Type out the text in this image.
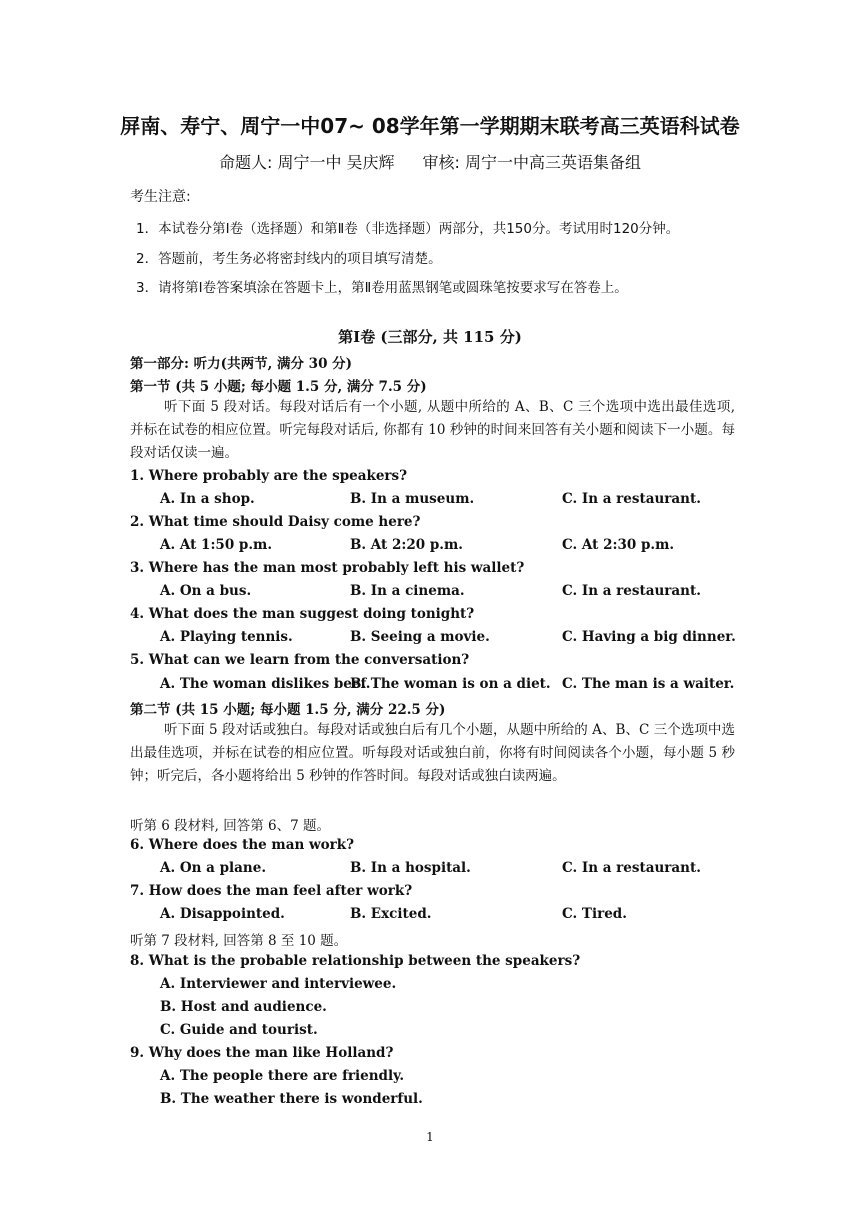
屏南、寿宁、周宁一中07~ 08学年第一学期期末联考高三英语科试卷
命题人: 周宁一中 吴庆辉 审核: 周宁一中高三英语集备组
考生注意:
1．本试卷分第Ⅰ卷（选择题）和第Ⅱ卷（非选择题）两部分，共150分。考试用时120分钟。
2．答题前，考生务必将密封线内的项目填写清楚。
3．请将第Ⅰ卷答案填涂在答题卡上，第Ⅱ卷用蓝黑钢笔或圆珠笔按要求写在答卷上。
第Ⅰ卷 (三部分, 共 115 分)
第一部分: 听力(共两节, 满分 30 分)
第一节 (共 5 小题; 每小题 1.5 分, 满分 7.5 分)
听下面 5 段对话。每段对话后有一个小题, 从题中所给的 A、B、C 三个选项中选出最佳选项, 并标在试卷的相应位置。听完每段对话后, 你都有 10 秒钟的时间来回答有关小题和阅读下一小题。每段对话仅读一遍。
1. Where probably are the speakers?
A. In a shop.	B. In a museum.	C. In a restaurant.
2. What time should Daisy come here?
A. At 1:50 p.m.	B. At 2:20 p.m.	C. At 2:30 p.m.
3. Where has the man most probably left his wallet?
A. On a bus.	B. In a cinema.	C. In a restaurant.
4. What does the man suggest doing tonight?
A. Playing tennis.	B. Seeing a movie.	C. Having a big dinner.
5. What can we learn from the conversation?
A. The woman dislikes beef.
B. The woman is on a diet. C. The man is a waiter.
第二节 (共 15 小题; 每小题 1.5 分, 满分 22.5 分)
听下面 5 段对话或独白。每段对话或独白后有几个小题，从题中所给的 A、B、C 三个选项中选出最佳选项，并标在试卷的相应位置。听每段对话或独白前，你将有时间阅读各个小题，每小题 5 秒钟；听完后，各小题将给出 5 秒钟的作答时间。每段对话或独白读两遍。
听第 6 段材料, 回答第 6、7 题。
6. Where does the man work?
A. On a plane.	B. In a hospital.	C. In a restaurant.
7. How does the man feel after work?
A. Disappointed.	B. Excited.	C. Tired.
听第 7 段材料, 回答第 8 至 10 题。
8. What is the probable relationship between the speakers?
A. Interviewer and interviewee.
B. Host and audience.
C. Guide and tourist.
9. Why does the man like Holland?
A. The people there are friendly.
B. The weather there is wonderful.
1
